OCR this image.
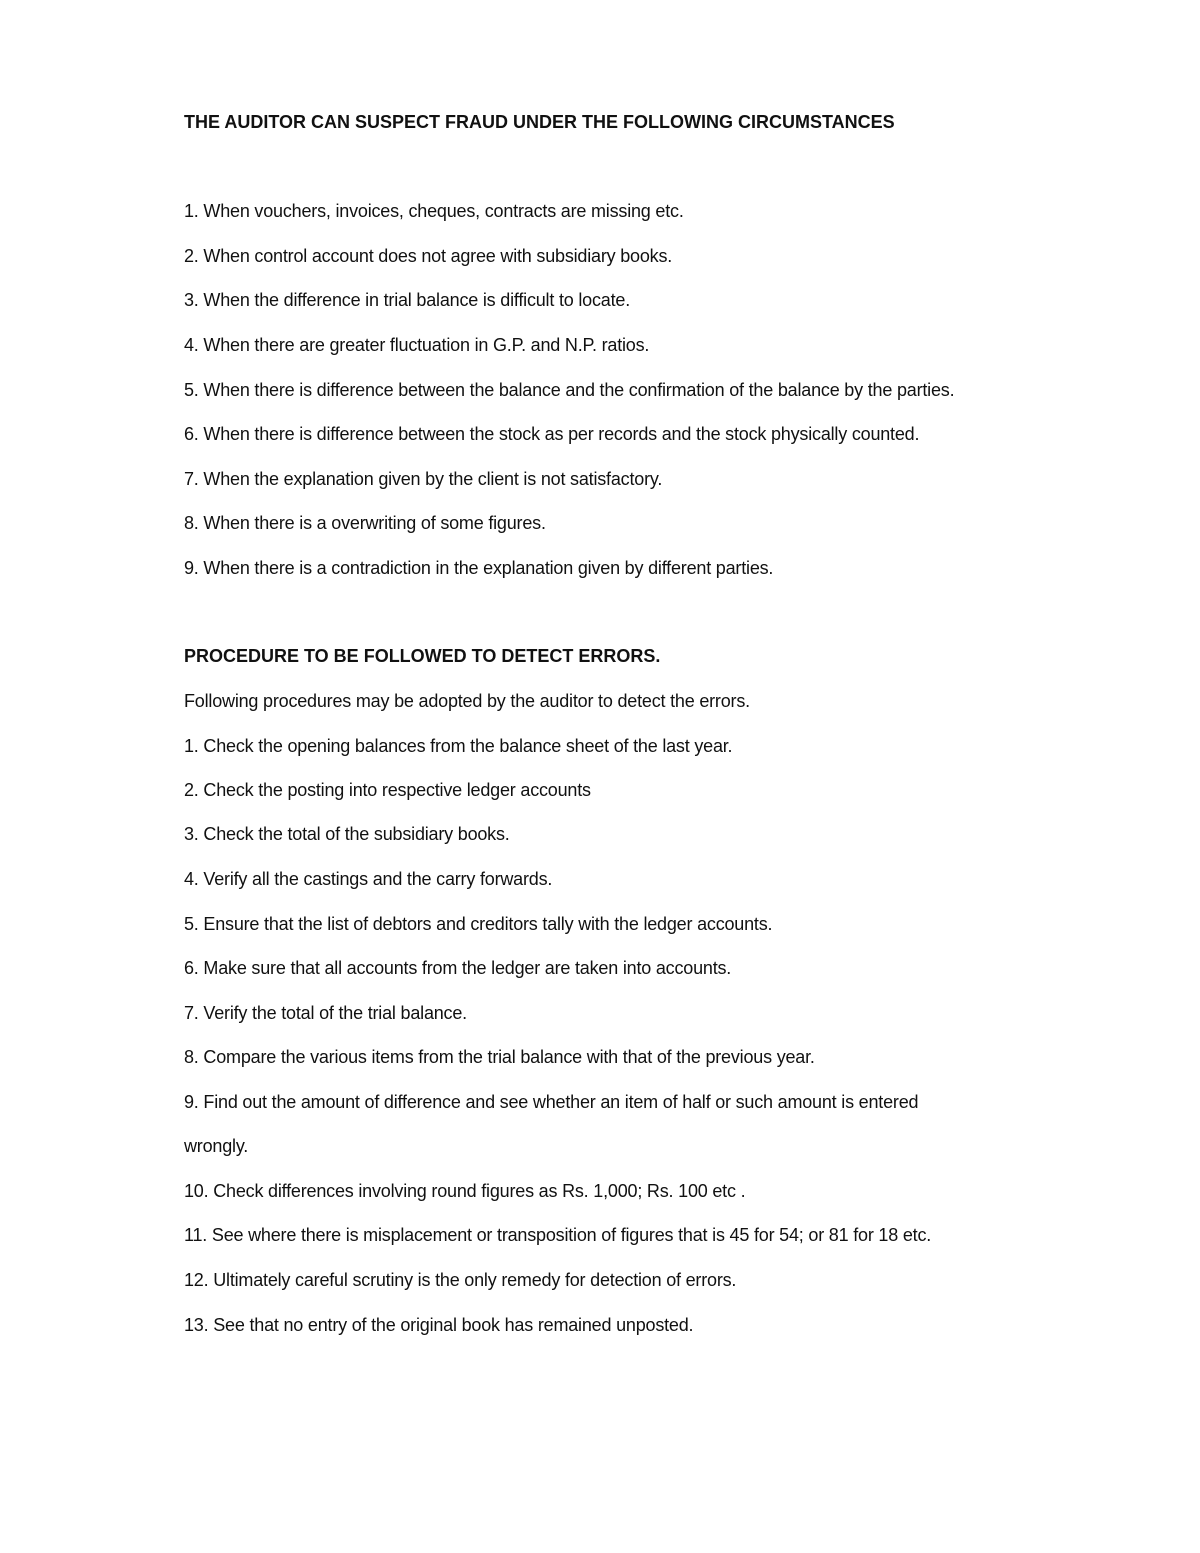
THE AUDITOR CAN SUSPECT FRAUD UNDER THE FOLLOWING CIRCUMSTANCES
1. When vouchers, invoices, cheques, contracts are missing etc.
2. When control account does not agree with subsidiary books.
3. When the difference in trial balance is difficult to locate.
4. When there are greater fluctuation in G.P. and N.P. ratios.
5. When there is difference between the balance and the confirmation of the balance by the parties.
6. When there is difference between the stock as per records and the stock physically counted.
7. When the explanation given by the client is not satisfactory.
8. When there is a overwriting of some figures.
9. When there is a contradiction in the explanation given by different parties.
PROCEDURE TO BE FOLLOWED TO DETECT ERRORS.
Following procedures may be adopted by the auditor to detect the errors.
1. Check the opening balances from the balance sheet of the last year.
2. Check the posting into respective ledger accounts
3. Check the total of the subsidiary books.
4. Verify all the castings and the carry forwards.
5. Ensure that the list of debtors and creditors tally with the ledger accounts.
6. Make sure that all accounts from the ledger are taken into accounts.
7. Verify the total of the trial balance.
8. Compare the various items from the trial balance with that of the previous year.
9. Find out the amount of difference and see whether an item of half or such amount is entered
wrongly.
10. Check differences involving round figures as Rs. 1,000; Rs. 100 etc .
11. See where there is misplacement or transposition of figures that is 45 for 54; or 81 for 18 etc.
12. Ultimately careful scrutiny is the only remedy for detection of errors.
13. See that no entry of the original book has remained unposted.
